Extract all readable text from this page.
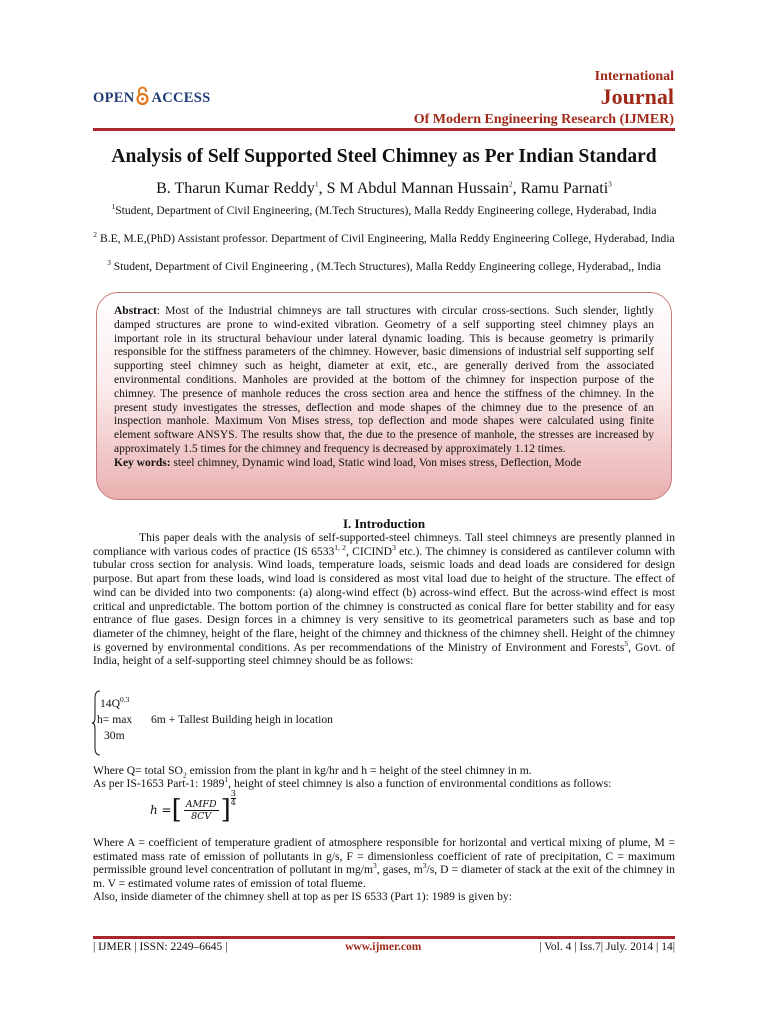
OPEN ACCESS
International
Journal
Of Modern Engineering Research (IJMER)
Analysis of Self Supported Steel Chimney as Per Indian Standard
B. Tharun Kumar Reddy$^1$, S M Abdul Mannan Hussain$^2$, Ramu Parnati$^3$
$^1$Student, Department of Civil Engineering, (M.Tech Structures), Malla Reddy Engineering college, Hyderabad, India
$^2$ B.E, M.E,(PhD) Assistant professor. Department of Civil Engineering, Malla Reddy Engineering College, Hyderabad, India
$^3$ Student, Department of Civil Engineering , (M.Tech Structures), Malla Reddy Engineering college, Hyderabad,, India
Abstract: Most of the Industrial chimneys are tall structures with circular cross-sections. Such slender, lightly damped structures are prone to wind-exited vibration. Geometry of a self supporting steel chimney plays an important role in its structural behaviour under lateral dynamic loading. This is because geometry is primarily responsible for the stiffness parameters of the chimney. However, basic dimensions of industrial self supporting self supporting steel chimney such as height, diameter at exit, etc., are generally derived from the associated environmental conditions. Manholes are provided at the bottom of the chimney for inspection purpose of the chimney. The presence of manhole reduces the cross section area and hence the stiffness of the chimney. In the present study investigates the stresses, deflection and mode shapes of the chimney due to the presence of an inspection manhole. Maximum Von Mises stress, top deflection and mode shapes were calculated using finite element software ANSYS. The results show that, the due to the presence of manhole, the stresses are increased by approximately 1.5 times for the chimney and frequency is decreased by approximately 1.12 times.
Key words: steel chimney, Dynamic wind load, Static wind load, Von mises stress, Deflection, Mode
I. Introduction
This paper deals with the analysis of self-supported-steel chimneys. Tall steel chimneys are presently planned in compliance with various codes of practice (IS 6533$^{1, 2}$, CICIND$^3$ etc.). The chimney is considered as cantilever column with tubular cross section for analysis. Wind loads, temperature loads, seismic loads and dead loads are considered for design purpose. But apart from these loads, wind load is considered as most vital load due to height of the structure. The effect of wind can be divided into two components: (a) along-wind effect (b) across-wind effect. But the across-wind effect is most critical and unpredictable. The bottom portion of the chimney is constructed as conical flare for better stability and for easy entrance of flue gases. Design forces in a chimney is very sensitive to its geometrical parameters such as base and top diameter of the chimney, height of the flare, height of the chimney and thickness of the chimney shell. Height of the chimney is governed by environmental conditions. As per recommendations of the Ministry of Environment and Forests$^5$, Govt. of India, height of a self-supporting steel chimney should be as follows:
$14Q^{0.3}$
h= max 6m + Tallest Building heigh in location
30m
Where Q= total $SO_2$ emission from the plant in kg/hr and h = height of the steel chimney in m.
As per IS-1653 Part-1: 1989$^1$, height of steel chimney is also a function of environmental conditions as follows:
h = [ $\frac{\text{AMFD}}{8CV}$ ] $\frac{3}{4}$
Where A = coefficient of temperature gradient of atmosphere responsible for horizontal and vertical mixing of plume, M = estimated mass rate of emission of pollutants in g/s, F = dimensionless coefficient of rate of precipitation, C = maximum permissible ground level concentration of pollutant in $mg/m^3$, gases, $m^3/s$, D = diameter of stack at the exit of the chimney in m. V = estimated volume rates of emission of total flueme.
Also, inside diameter of the chimney shell at top as per IS 6533 (Part 1): 1989 is given by:
| IJMER | ISSN: 2249–6645 |	www.ijmer.com	| Vol. 4 | Iss.7| July. 2014 | 14|
